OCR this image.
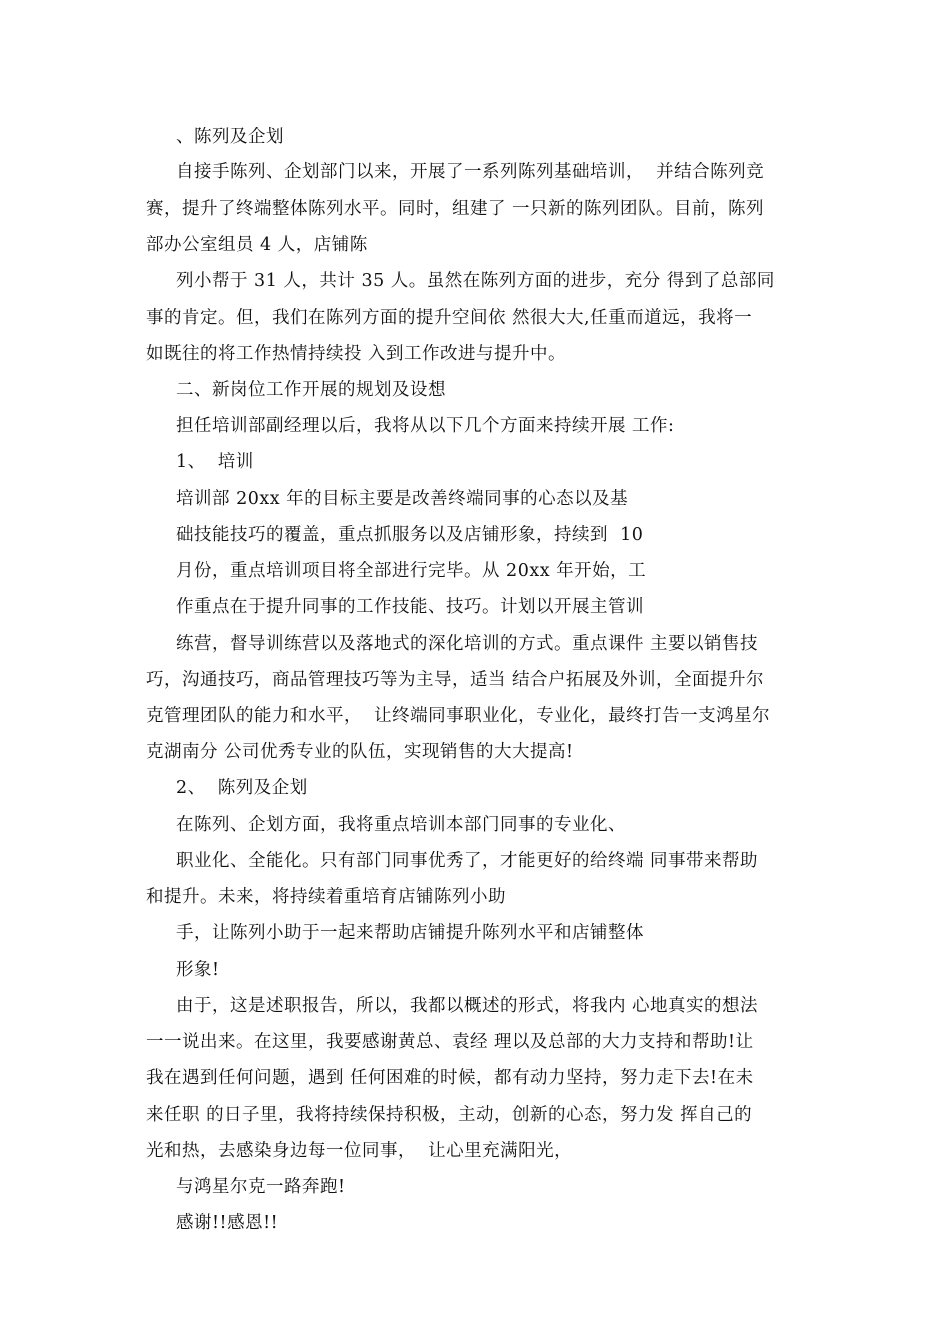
、陈列及企划
自接手陈列、企划部门以来，开展了一系列陈列基础培训，  并结合陈列竞
赛，提升了终端整体陈列水平。同时，组建了 一只新的陈列团队。目前，陈列
部办公室组员 4 人，店铺陈
列小帮于 31 人，共计 35 人。虽然在陈列方面的进步，充分 得到了总部同
事的肯定。但，我们在陈列方面的提升空间依 然很大大,任重而道远，我将一
如既往的将工作热情持续投 入到工作改进与提升中。
二、新岗位工作开展的规划及设想
担任培训部副经理以后，我将从以下几个方面来持续开展 工作:
1、  培训
培训部 20xx 年的目标主要是改善终端同事的心态以及基
础技能技巧的覆盖，重点抓服务以及店铺形象，持续到  10
月份，重点培训项目将全部进行完毕。从 20xx 年开始，工
作重点在于提升同事的工作技能、技巧。计划以开展主管训
练营，督导训练营以及落地式的深化培训的方式。重点课件 主要以销售技
巧，沟通技巧，商品管理技巧等为主导，适当 结合户拓展及外训，全面提升尔
克管理团队的能力和水平，  让终端同事职业化，专业化，最终打告一支鸿星尔
克湖南分 公司优秀专业的队伍，实现销售的大大提高!
2、  陈列及企划
在陈列、企划方面，我将重点培训本部门同事的专业化、
职业化、全能化。只有部门同事优秀了，才能更好的给终端 同事带来帮助
和提升。未来，将持续着重培育店铺陈列小助
手，让陈列小助于一起来帮助店铺提升陈列水平和店铺整体
形象!
由于，这是述职报告，所以，我都以概述的形式，将我内 心地真实的想法
一一说出来。在这里，我要感谢黄总、袁经 理以及总部的大力支持和帮助!让
我在遇到任何问题，遇到 任何困难的时候，都有动力坚持，努力走下去!在未
来任职 的日子里，我将持续保持积极，主动，创新的心态，努力发 挥自己的
光和热，去感染身边每一位同事，  让心里充满阳光，
与鸿星尔克一路奔跑!
感谢!!感恩!!
